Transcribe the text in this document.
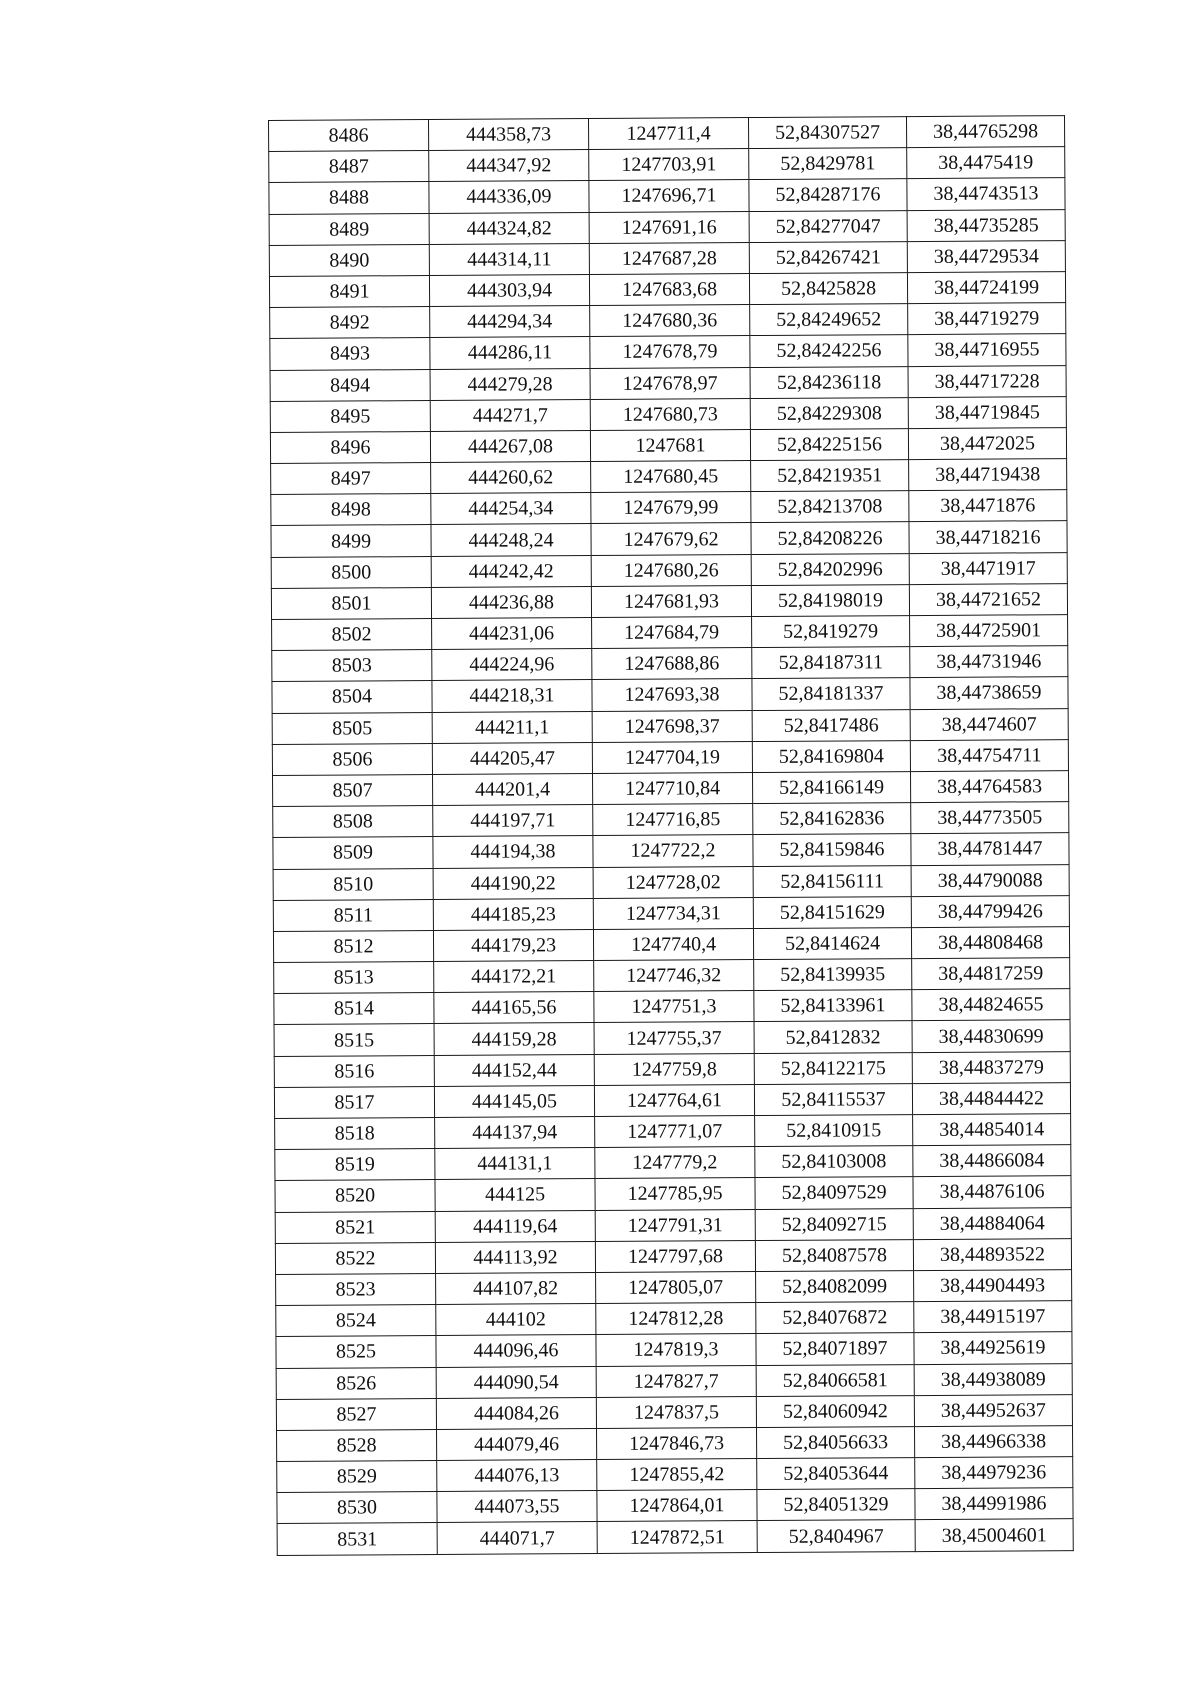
8486	444358,73	1247711,4	52,84307527	38,44765298
8487	444347,92	1247703,91	52,8429781	38,4475419
8488	444336,09	1247696,71	52,84287176	38,44743513
8489	444324,82	1247691,16	52,84277047	38,44735285
8490	444314,11	1247687,28	52,84267421	38,44729534
8491	444303,94	1247683,68	52,8425828	38,44724199
8492	444294,34	1247680,36	52,84249652	38,44719279
8493	444286,11	1247678,79	52,84242256	38,44716955
8494	444279,28	1247678,97	52,84236118	38,44717228
8495	444271,7	1247680,73	52,84229308	38,44719845
8496	444267,08	1247681	52,84225156	38,4472025
8497	444260,62	1247680,45	52,84219351	38,44719438
8498	444254,34	1247679,99	52,84213708	38,4471876
8499	444248,24	1247679,62	52,84208226	38,44718216
8500	444242,42	1247680,26	52,84202996	38,4471917
8501	444236,88	1247681,93	52,84198019	38,44721652
8502	444231,06	1247684,79	52,8419279	38,44725901
8503	444224,96	1247688,86	52,84187311	38,44731946
8504	444218,31	1247693,38	52,84181337	38,44738659
8505	444211,1	1247698,37	52,8417486	38,4474607
8506	444205,47	1247704,19	52,84169804	38,44754711
8507	444201,4	1247710,84	52,84166149	38,44764583
8508	444197,71	1247716,85	52,84162836	38,44773505
8509	444194,38	1247722,2	52,84159846	38,44781447
8510	444190,22	1247728,02	52,84156111	38,44790088
8511	444185,23	1247734,31	52,84151629	38,44799426
8512	444179,23	1247740,4	52,8414624	38,44808468
8513	444172,21	1247746,32	52,84139935	38,44817259
8514	444165,56	1247751,3	52,84133961	38,44824655
8515	444159,28	1247755,37	52,8412832	38,44830699
8516	444152,44	1247759,8	52,84122175	38,44837279
8517	444145,05	1247764,61	52,84115537	38,44844422
8518	444137,94	1247771,07	52,8410915	38,44854014
8519	444131,1	1247779,2	52,84103008	38,44866084
8520	444125	1247785,95	52,84097529	38,44876106
8521	444119,64	1247791,31	52,84092715	38,44884064
8522	444113,92	1247797,68	52,84087578	38,44893522
8523	444107,82	1247805,07	52,84082099	38,44904493
8524	444102	1247812,28	52,84076872	38,44915197
8525	444096,46	1247819,3	52,84071897	38,44925619
8526	444090,54	1247827,7	52,84066581	38,44938089
8527	444084,26	1247837,5	52,84060942	38,44952637
8528	444079,46	1247846,73	52,84056633	38,44966338
8529	444076,13	1247855,42	52,84053644	38,44979236
8530	444073,55	1247864,01	52,84051329	38,44991986
8531	444071,7	1247872,51	52,8404967	38,45004601
